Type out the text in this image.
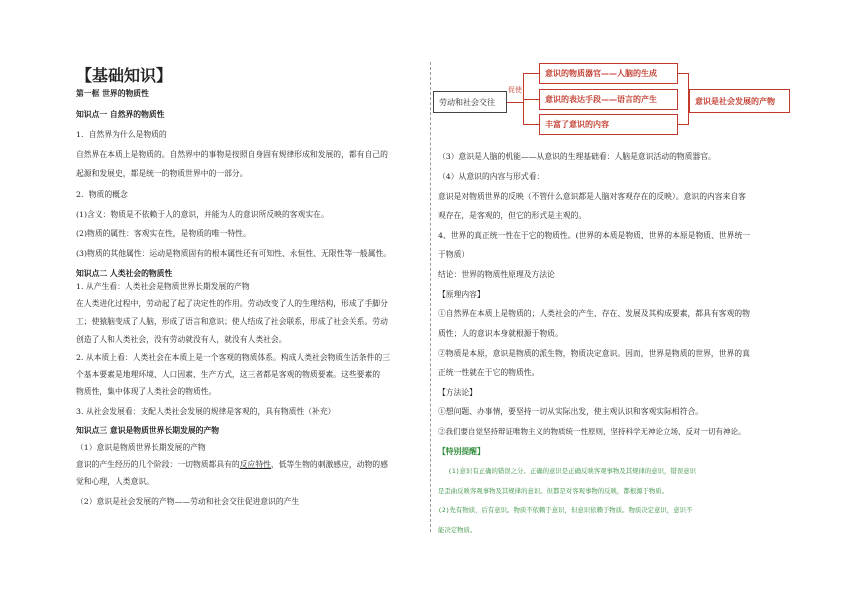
【基础知识】
第一框 世界的物质性
知识点一 自然界的物质性
1．自然界为什么是物质的
自然界在本质上是物质的。自然界中的事物是按照自身固有规律形成和发展的，都有自己的
起源和发展史，都是统一的物质世界中的一部分。
2．物质的概念
(1)含义：物质是不依赖于人的意识，并能为人的意识所反映的客观实在。
(2)物质的属性：客观实在性，是物质的唯一特性。
(3)物质的其他属性：运动是物质固有的根本属性还有可知性、永恒性、无限性等一般属性。
知识点二 人类社会的物质性
1. 从产生看：人类社会是物质世界长期发展的产物
在人类进化过程中，劳动起了起了决定性的作用。劳动改变了人的生理结构，形成了手脚分
工；使猿脑变成了人脑，形成了语言和意识；使人结成了社会联系，形成了社会关系。劳动
创造了人和人类社会，没有劳动就没有人，就没有人类社会。
2. 从本质上看：人类社会在本质上是一个客观的物质体系。构成人类社会物质生活条件的三
个基本要素是地理环境、人口因素、生产方式，这三者都是客观的物质要素。这些要素的
物质性，集中体现了人类社会的物质性。
3. 从社会发展看：支配人类社会发展的规律是客观的，具有物质性（补充）
知识点三 意识是物质世界长期发展的产物
（1）意识是物质世界长期发展的产物
意识的产生经历的几个阶段：一切物质都具有的反应特性，低等生物的刺激感应，动物的感
觉和心理，人类意识。
（2）意识是社会发展的产物——劳动和社会交往促进意识的产生
劳动和社会交往
促使
意识的物质器官——人脑的生成
意识的表达手段——语言的产生
丰富了意识的内容
意识是社会发展的产物
（3）意识是人脑的机能——从意识的生理基础看：人脑是意识活动的物质器官。
（4）从意识的内容与形式看：
意识是对物质世界的反映（不管什么意识都是人脑对客观存在的反映）。意识的内容来自客
观存在，是客观的，但它的形式是主观的。
4、世界的真正统一性在于它的物质性。(世界的本质是物质、世界的本原是物质、世界统一
于物质）
结论：世界的物质性原理及方法论
【原理内容】
①自然界在本质上是物质的；人类社会的产生、存在、发展及其构成要素，都具有客观的物
质性；人的意识本身就根源于物质。
②物质是本原，意识是物质的派生物，物质决定意识。因而，世界是物质的世界，世界的真
正统一性就在于它的物质性。
【方法论】
①想问题、办事情，要坚持一切从实际出发，使主观认识和客观实际相符合。
②我们要自觉坚持辩证唯物主义的物质统一性原则，坚持科学无神论立场，反对一切有神论。
【特别提醒】
(1)意识有正确的错误之分。正确的意识是正确反映客观事物及其规律的意识，错误意识
是歪曲反映客观事物及其规律的意识。但都是对客观事物的反映，都根源于物质。
(2)先有物质，后有意识。物质不依赖于意识，但意识依赖于物质。物质决定意识，意识不
能决定物质。
